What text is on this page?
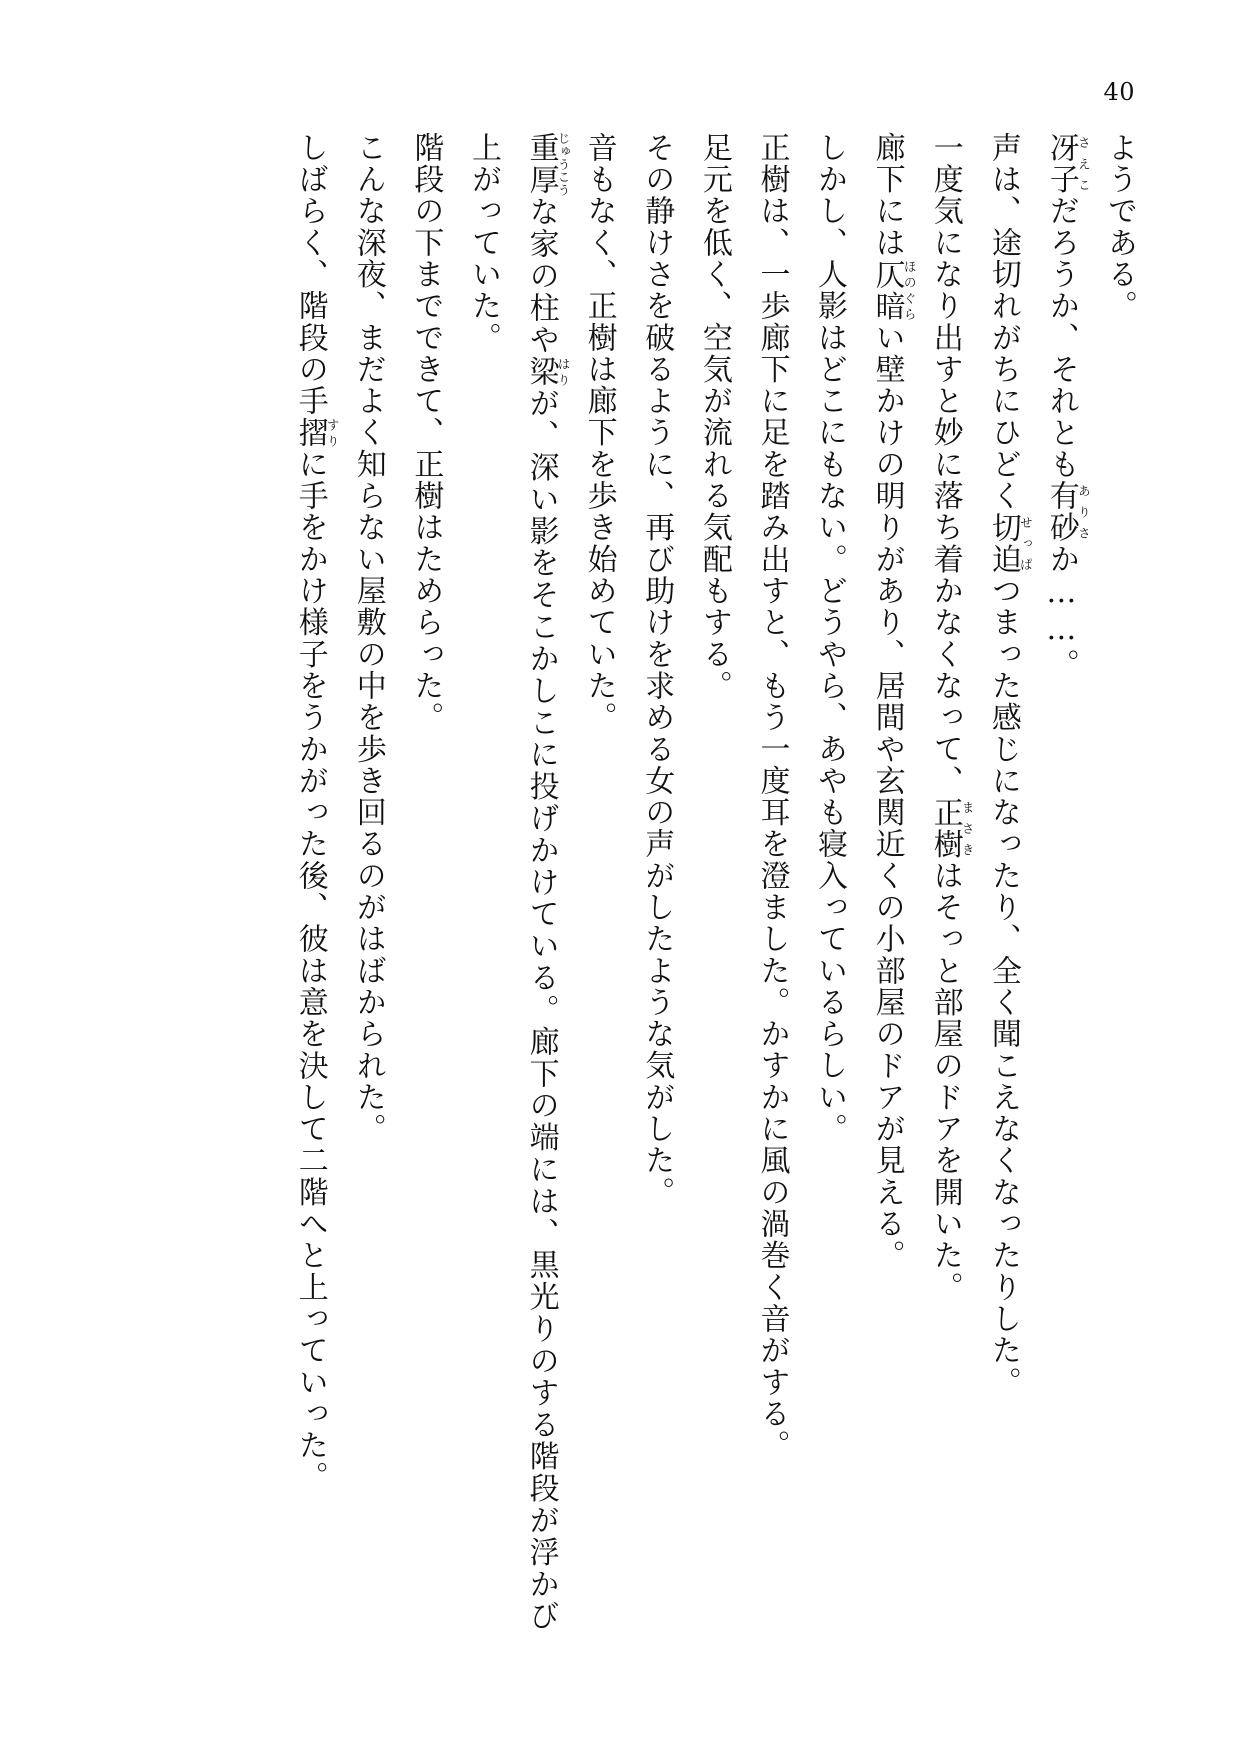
40

ようである。

冴子さえこだろうか、それとも有砂ありさか……。

声は、途切れがちにひどく切迫せっぱつまった感じになったり、全く聞こえなくなったりした。

一度気になり出すと妙に落ち着かなくなって、正樹まさきはそっと部屋のドアを開いた。

廊下には仄暗ほのぐらい壁かけの明りがあり、居間や玄関近くの小部屋のドアが見える。

しかし、人影はどこにもない。どうやら、あやも寝入っているらしい。

正樹は、一歩廊下に足を踏み出すと、もう一度耳を澄ました。かすかに風の渦巻く音がする。

足元を低く、空気が流れる気配もする。

その静けさを破るように、再び助けを求める女の声がしたような気がした。

音もなく、正樹は廊下を歩き始めていた。

重厚じゅうこうな家の柱や梁はりが、深い影をそこかしこに投げかけている。廊下の端には、黒光りのする階段が浮かび上がっていた。

階段の下までできて、正樹はためらった。

こんな深夜、まだよく知らない屋敷の中を歩き回るのがはばかられた。

しばらく、階段の手摺すりに手をかけ様子をうかがった後、彼は意を決して二階へと上っていった。
